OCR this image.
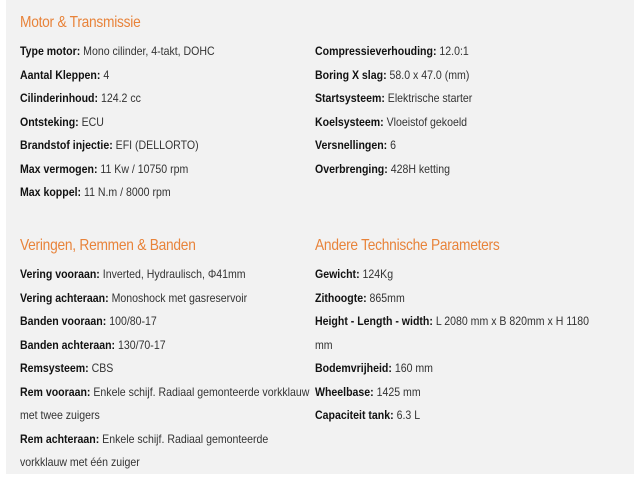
Motor & Transmissie
Type motor: Mono cilinder, 4-takt, DOHC
Aantal Kleppen: 4
Cilinderinhoud: 124.2 cc
Ontsteking: ECU
Brandstof injectie: EFI (DELLORTO)
Max vermogen: 11 Kw / 10750 rpm
Max koppel: 11 N.m / 8000 rpm
Compressieverhouding: 12.0:1
Boring X slag: 58.0 x 47.0 (mm)
Startsysteem: Elektrische starter
Koelsysteem: Vloeistof gekoeld
Versnellingen: 6
Overbrenging: 428H ketting
Veringen, Remmen & Banden
Vering vooraan: Inverted, Hydraulisch, Φ41mm
Vering achteraan: Monoshock met gasreservoir
Banden vooraan: 100/80-17
Banden achteraan: 130/70-17
Remsysteem: CBS
Rem vooraan: Enkele schijf. Radiaal gemonteerde vorkklauw met twee zuigers
Rem achteraan: Enkele schijf. Radiaal gemonteerde vorkklauw met één zuiger
Andere Technische Parameters
Gewicht: 124Kg
Zithoogte: 865mm
Height - Length - width: L 2080 mm x B 820mm x H 1180 mm
Bodemvrijheid: 160 mm
Wheelbase: 1425 mm
Capaciteit tank: 6.3 L
